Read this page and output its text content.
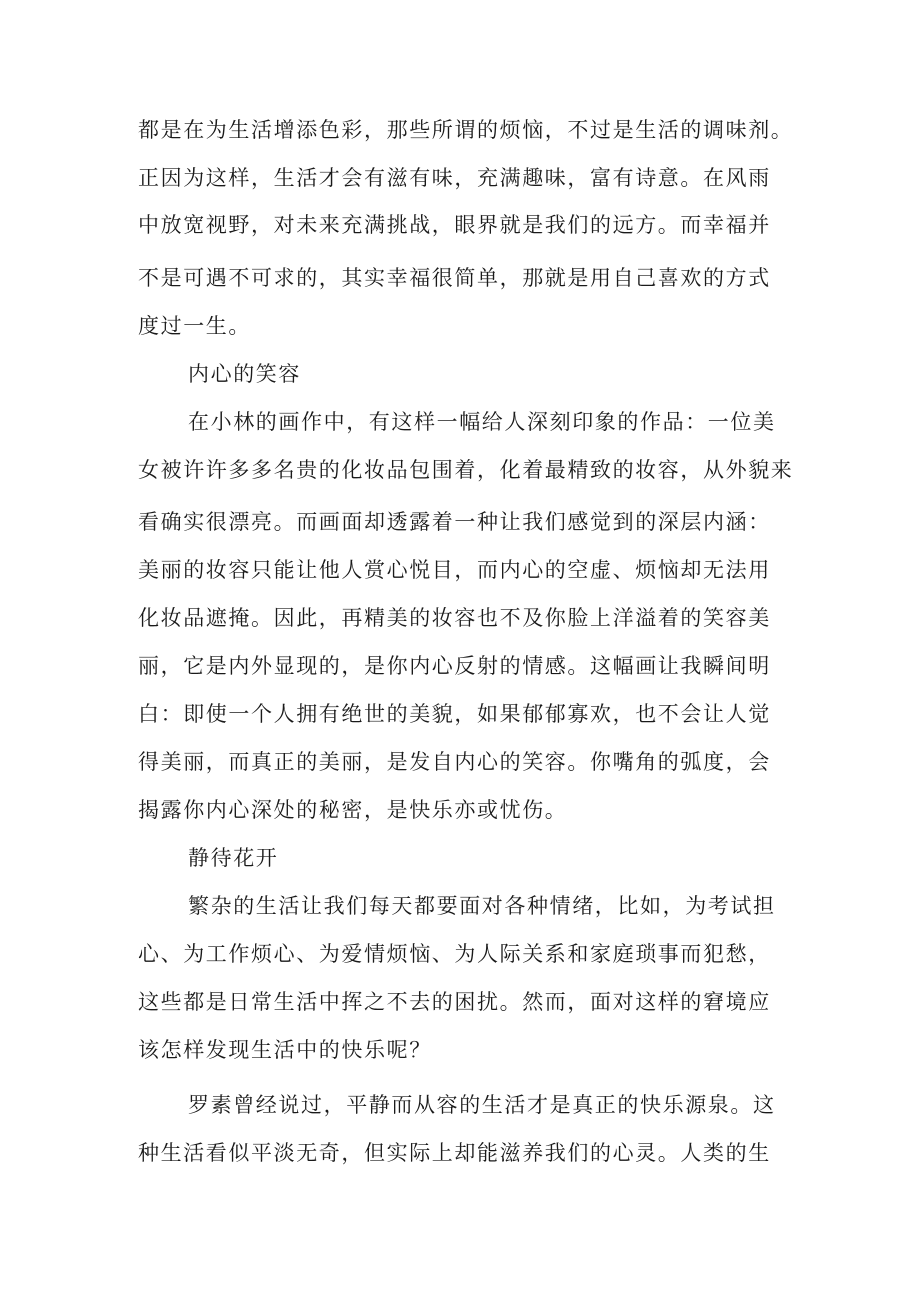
都是在为生活增添色彩，那些所谓的烦恼，不过是生活的调味剂。
正因为这样，生活才会有滋有味，充满趣味，富有诗意。在风雨
中放宽视野，对未来充满挑战，眼界就是我们的远方。而幸福并
不是可遇不可求的，其实幸福很简单，那就是用自己喜欢的方式
度过一生。
内心的笑容
在小林的画作中，有这样一幅给人深刻印象的作品：一位美
女被许许多多名贵的化妆品包围着，化着最精致的妆容，从外貌来
看确实很漂亮。而画面却透露着一种让我们感觉到的深层内涵：
美丽的妆容只能让他人赏心悦目，而内心的空虚、烦恼却无法用
化妆品遮掩。因此，再精美的妆容也不及你脸上洋溢着的笑容美
丽，它是内外显现的，是你内心反射的情感。这幅画让我瞬间明
白：即使一个人拥有绝世的美貌，如果郁郁寡欢，也不会让人觉
得美丽，而真正的美丽，是发自内心的笑容。你嘴角的弧度，会
揭露你内心深处的秘密，是快乐亦或忧伤。
静待花开
繁杂的生活让我们每天都要面对各种情绪，比如，为考试担
心、为工作烦心、为爱情烦恼、为人际关系和家庭琐事而犯愁，
这些都是日常生活中挥之不去的困扰。然而，面对这样的窘境应
该怎样发现生活中的快乐呢？
罗素曾经说过，平静而从容的生活才是真正的快乐源泉。这
种生活看似平淡无奇，但实际上却能滋养我们的心灵。人类的生
